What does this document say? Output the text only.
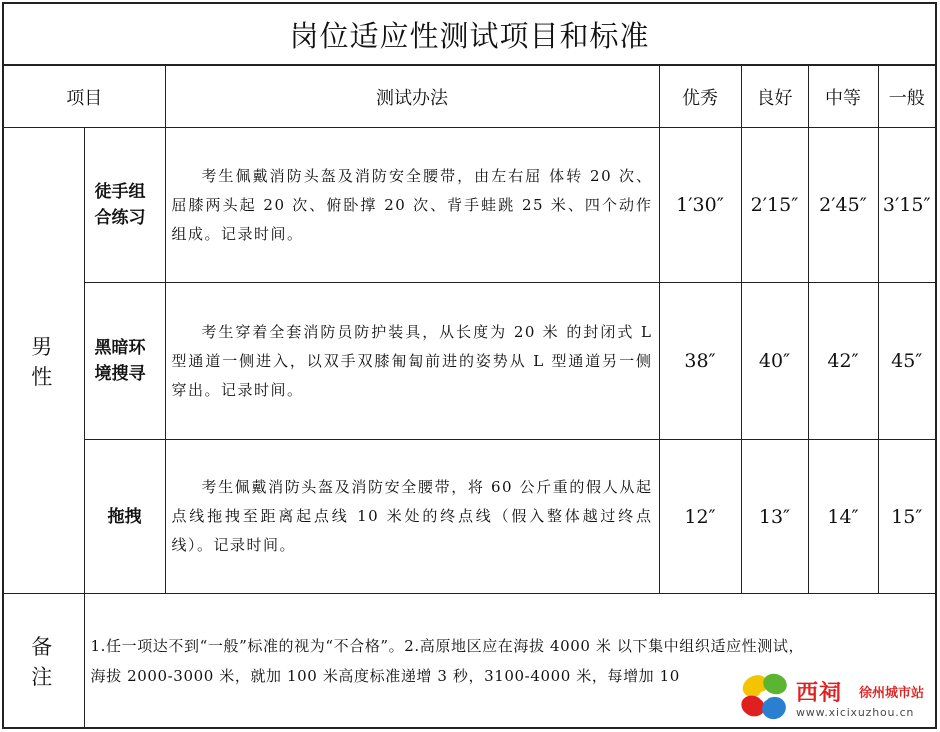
岗位适应性测试项目和标准
项目		测试办法	优秀	良好	中等	一般
男 性	徒手组合练习	考生佩戴消防头盔及消防安全腰带，由左右屈 体转 20 次、屈膝两头起 20 次、俯卧撑 20 次、背手蛙跳 25 米、四个动作组成。记录时间。	1′30″	2′15″	2′45″	3′15″

	黑暗环境搜寻	考生穿着全套消防员防护装具，从长度为 20 米 的封闭式 L 型通道一侧进入，以双手双膝匍匐前进的姿势从 L 型通道另一侧穿出。记录时间。	38″	40″	42″	45″

	拖拽	考生佩戴消防头盔及消防安全腰带，将 60 公斤重的假人从起点线拖拽至距离起点线 10 米处的终点线（假入整体越过终点线）。记录时间。	12″	13″	14″	15″
备 注	1.任一项达不到“一般”标准的视为“不合格”。2.高原地区应在海拔 4000 米 以下集中组织适应性测试，
海拔 2000-3000 米，就加 100 米高度标准递增 3 秒，3100-4000 米，每增加 10					
西祠 徐州城市站
www.xicixuzhou.cn
